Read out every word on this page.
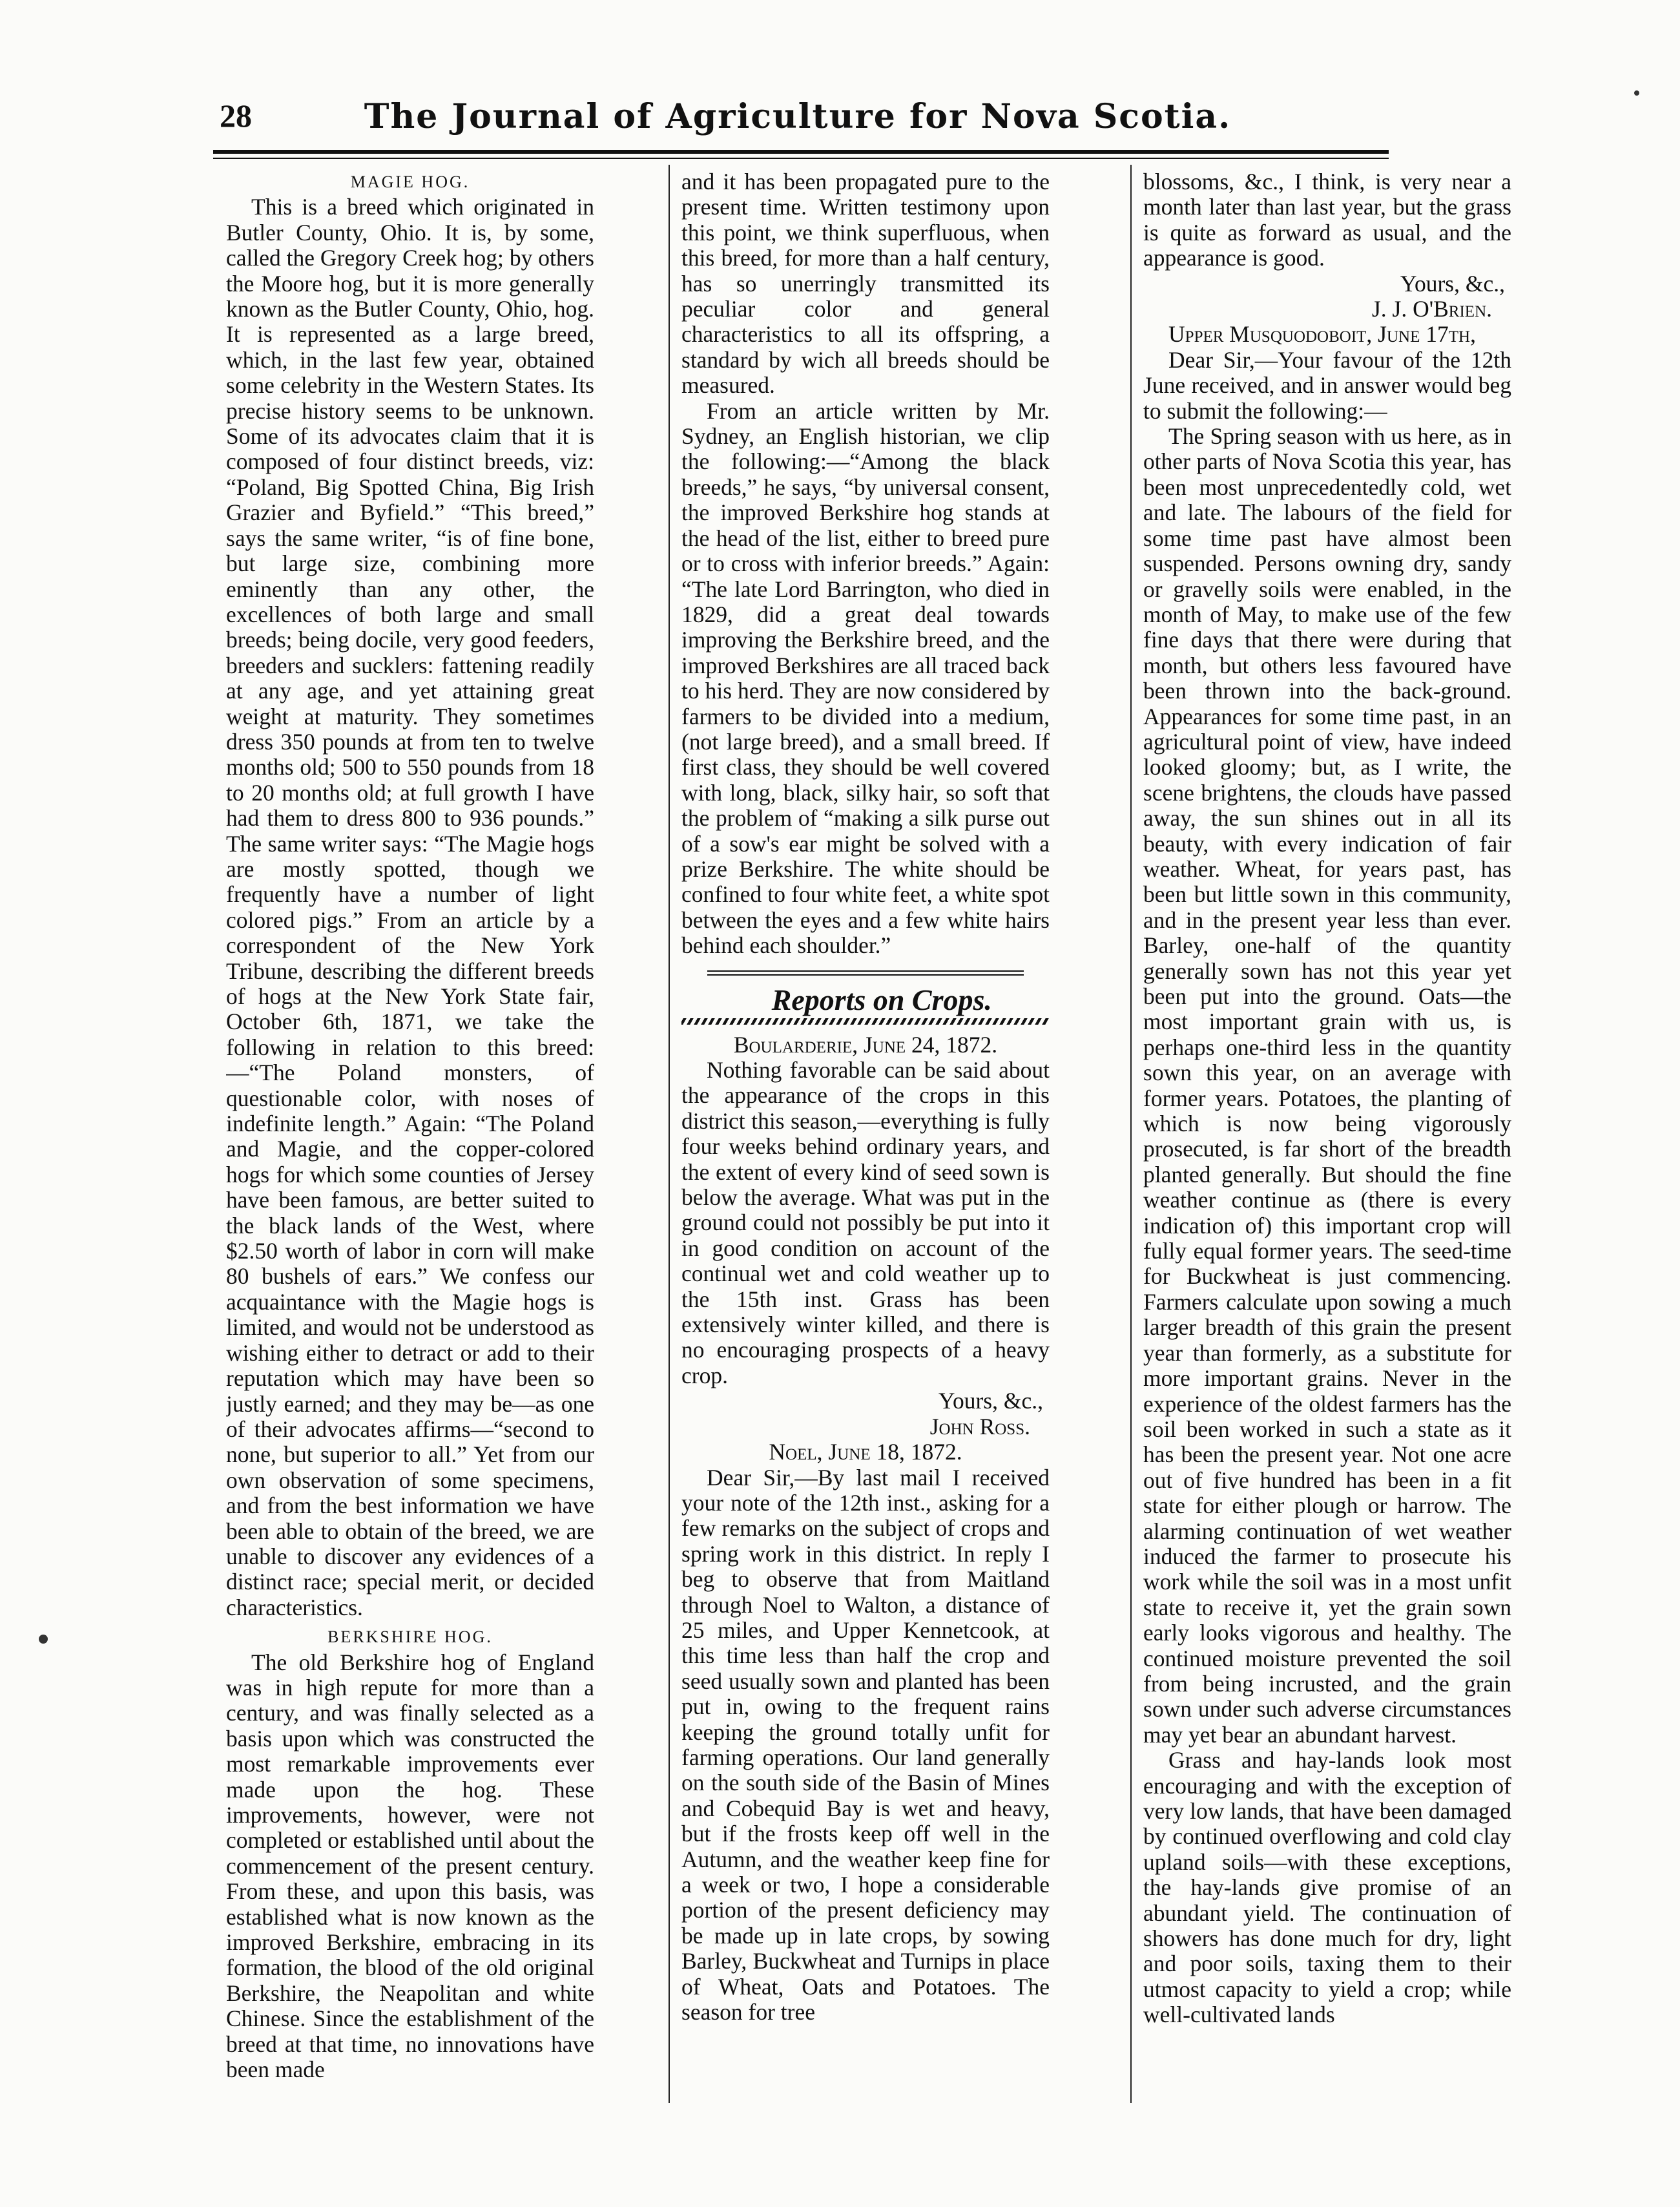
28	The Journal of Agriculture for Nova Scotia.

MAGIE HOG.

This is a breed which originated in Butler County, Ohio. It is, by some, called the Gregory Creek hog; by others the Moore hog, but it is more generally known as the Butler County, Ohio, hog. It is represented as a large breed, which, in the last few year, obtained some celebrity in the Western States. Its precise history seems to be unknown. Some of its advocates claim that it is composed of four distinct breeds, viz: “Poland, Big Spotted China, Big Irish Grazier and Byfield.” “This breed,” says the same writer, “is of fine bone, but large size, combining more eminently than any other, the excellences of both large and small breeds; being docile, very good feeders, breeders and sucklers: fattening readily at any age, and yet attaining great weight at maturity. They sometimes dress 350 pounds at from ten to twelve months old; 500 to 550 pounds from 18 to 20 months old; at full growth I have had them to dress 800 to 936 pounds.” The same writer says: “The Magie hogs are mostly spotted, though we frequently have a number of light colored pigs.” From an article by a correspondent of the New York Tribune, describing the different breeds of hogs at the New York State fair, October 6th, 1871, we take the following in relation to this breed:—“The Poland monsters, of questionable color, with noses of indefinite length.” Again: “The Poland and Magie, and the copper-colored hogs for which some counties of Jersey have been famous, are better suited to the black lands of the West, where $2.50 worth of labor in corn will make 80 bushels of ears.” We confess our acquaintance with the Magie hogs is limited, and would not be understood as wishing either to detract or add to their reputation which may have been so justly earned; and they may be—as one of their advocates affirms—“second to none, but superior to all.” Yet from our own observation of some specimens, and from the best information we have been able to obtain of the breed, we are unable to discover any evidences of a distinct race; special merit, or decided characteristics.

BERKSHIRE HOG.

The old Berkshire hog of England was in high repute for more than a century, and was finally selected as a basis upon which was constructed the most remarkable improvements ever made upon the hog. These improvements, however, were not completed or established until about the commencement of the present century. From these, and upon this basis, was established what is now known as the improved Berkshire, embracing in its formation, the blood of the old original Berkshire, the Neapolitan and white Chinese. Since the establishment of the breed at that time, no innovations have been made

and it has been propagated pure to the present time. Written testimony upon this point, we think superfluous, when this breed, for more than a half century, has so unerringly transmitted its peculiar color and general characteristics to all its offspring, a standard by wich all breeds should be measured.

From an article written by Mr. Sydney, an English historian, we clip the following:—“Among the black breeds,” he says, “by universal consent, the improved Berkshire hog stands at the head of the list, either to breed pure or to cross with inferior breeds.” Again: “The late Lord Barrington, who died in 1829, did a great deal towards improving the Berkshire breed, and the improved Berkshires are all traced back to his herd. They are now considered by farmers to be divided into a medium, (not large breed), and a small breed. If first class, they should be well covered with long, black, silky hair, so soft that the problem of “making a silk purse out of a sow's ear might be solved with a prize Berkshire. The white should be confined to four white feet, a white spot between the eyes and a few white hairs behind each shoulder.”

Reports on Crops.

Boularderie, June 24, 1872.

Nothing favorable can be said about the appearance of the crops in this district this season,—everything is fully four weeks behind ordinary years, and the extent of every kind of seed sown is below the average. What was put in the ground could not possibly be put into it in good condition on account of the continual wet and cold weather up to the 15th inst. Grass has been extensively winter killed, and there is no encouraging prospects of a heavy crop.

Yours, &c.,

John Ross.

Noel, June 18, 1872.

Dear Sir,—By last mail I received your note of the 12th inst., asking for a few remarks on the subject of crops and spring work in this district. In reply I beg to observe that from Maitland through Noel to Walton, a distance of 25 miles, and Upper Kennetcook, at this time less than half the crop and seed usually sown and planted has been put in, owing to the frequent rains keeping the ground totally unfit for farming operations. Our land generally on the south side of the Basin of Mines and Cobequid Bay is wet and heavy, but if the frosts keep off well in the Autumn, and the weather keep fine for a week or two, I hope a considerable portion of the present deficiency may be made up in late crops, by sowing Barley, Buckwheat and Turnips in place of Wheat, Oats and Potatoes. The season for tree

blossoms, &c., I think, is very near a month later than last year, but the grass is quite as forward as usual, and the appearance is good.

Yours, &c.,

J. J. O'Brien.

Upper Musquodoboit, June 17th,

Dear Sir,—Your favour of the 12th June received, and in answer would beg to submit the following:—

The Spring season with us here, as in other parts of Nova Scotia this year, has been most unprecedentedly cold, wet and late. The labours of the field for some time past have almost been suspended. Persons owning dry, sandy or gravelly soils were enabled, in the month of May, to make use of the few fine days that there were during that month, but others less favoured have been thrown into the back-ground. Appearances for some time past, in an agricultural point of view, have indeed looked gloomy; but, as I write, the scene brightens, the clouds have passed away, the sun shines out in all its beauty, with every indication of fair weather. Wheat, for years past, has been but little sown in this community, and in the present year less than ever. Barley, one-half of the quantity generally sown has not this year yet been put into the ground. Oats—the most important grain with us, is perhaps one-third less in the quantity sown this year, on an average with former years. Potatoes, the planting of which is now being vigorously prosecuted, is far short of the breadth planted generally. But should the fine weather continue as (there is every indication of) this important crop will fully equal former years. The seed-time for Buckwheat is just commencing. Farmers calculate upon sowing a much larger breadth of this grain the present year than formerly, as a substitute for more important grains. Never in the experience of the oldest farmers has the soil been worked in such a state as it has been the present year. Not one acre out of five hundred has been in a fit state for either plough or harrow. The alarming continuation of wet weather induced the farmer to prosecute his work while the soil was in a most unfit state to receive it, yet the grain sown early looks vigorous and healthy. The continued moisture prevented the soil from being incrusted, and the grain sown under such adverse circumstances may yet bear an abundant harvest.

Grass and hay-lands look most encouraging and with the exception of very low lands, that have been damaged by continued overflowing and cold clay upland soils—with these exceptions, the hay-lands give promise of an abundant yield. The continuation of showers has done much for dry, light and poor soils, taxing them to their utmost capacity to yield a crop; while well-cultivated lands
